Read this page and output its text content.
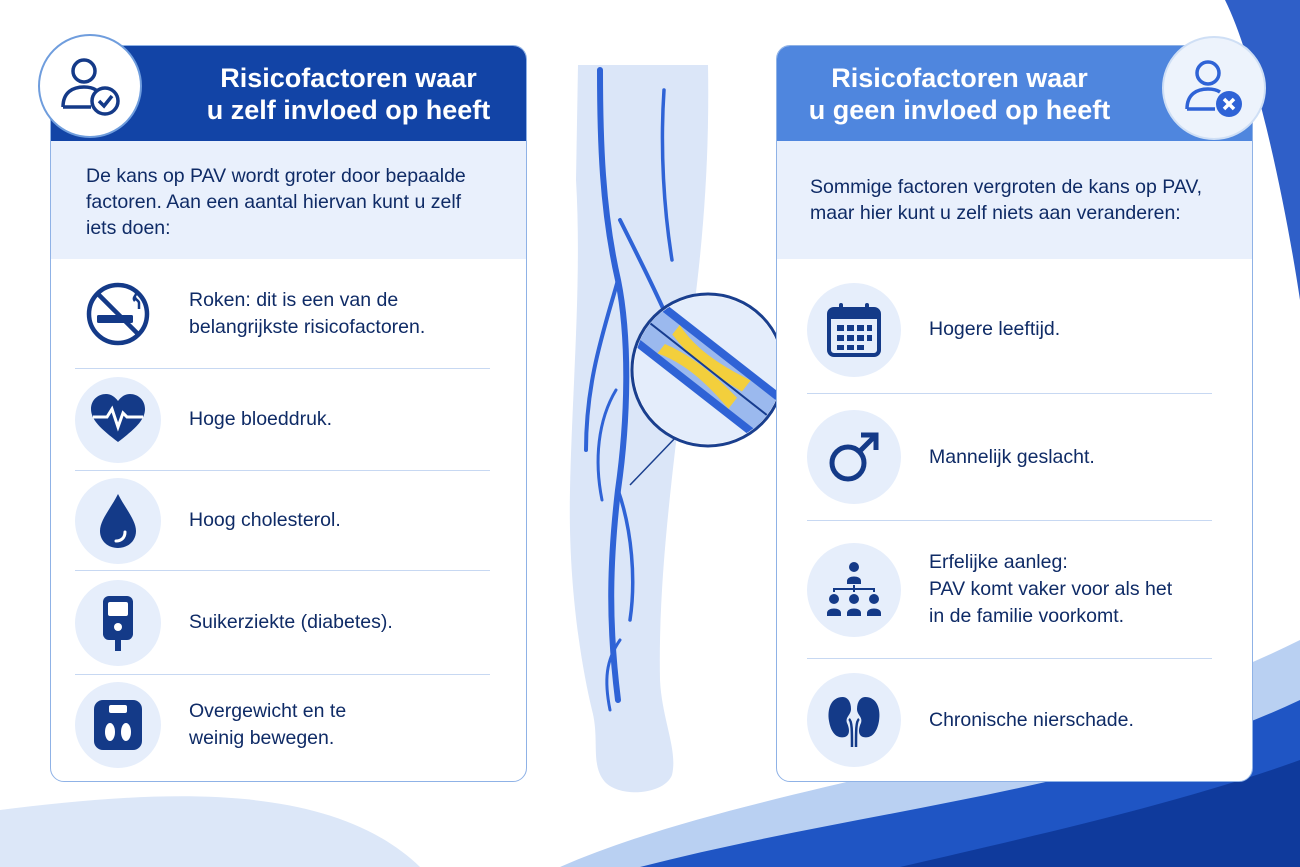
Risicofactoren waar
u zelf invloed op heeft
De kans op PAV wordt groter door bepaalde factoren. Aan een aantal hiervan kunt u zelf iets doen:
Roken: dit is een van de
belangrijkste risicofactoren.
Hoge bloeddruk.
Hoog cholesterol.
Suikerziekte (diabetes).
Overgewicht en te
weinig bewegen.
Risicofactoren waar
u geen invloed op heeft
Sommige factoren vergroten de kans op PAV, maar hier kunt u zelf niets aan veranderen:
Hogere leeftijd.
Mannelijk geslacht.
Erfelijke aanleg:
PAV komt vaker voor als het
in de familie voorkomt.
Chronische nierschade.
